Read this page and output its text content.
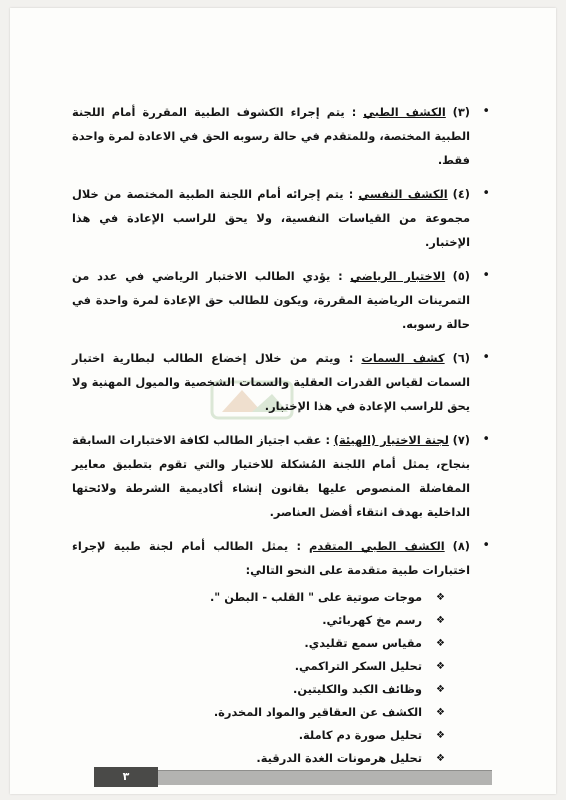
•
(٣) الكشف الطبي : يتم إجراء الكشوف الطبية المقررة أمام اللجنة الطبية المختصة، وللمتقدم في حالة رسوبه الحق في الاعادة لمرة واحدة فقط.
•
(٤) الكشف النفسي : يتم إجرائه أمام اللجنة الطبية المختصة من خلال مجموعة من القياسات النفسية، ولا يحق للراسب الإعادة في هذا الإختبار.
•
(٥) الاختبار الرياضي : يؤدي الطالب الاختبار الرياضي في عدد من التمرينات الرياضية المقررة، ويكون للطالب حق الإعادة لمرة واحدة في حالة رسوبه.
•
(٦) كشف السمات : ويتم من خلال إخضاع الطالب لبطارية اختبار السمات لقياس القدرات العقلية والسمات الشخصية والميول المهنية ولا يحق للراسب الإعادة في هذا الإختبار.
•
(٧) لجنة الاختيار (الهيئة) : عقب اجتياز الطالب لكافة الاختبارات السابقة بنجاح، يمثل أمام اللجنة المُشكلة للاختيار والتي تقوم بتطبيق معايير المفاضلة المنصوص عليها بقانون إنشاء أكاديمية الشرطة ولائحتها الداخلية بهدف انتقاء أفضل العناصر.
•
(٨) الكشف الطبي المتقدم : يمثل الطالب أمام لجنة طبية لإجراء اختبارات طبية متقدمة على النحو التالي:
❖
موجات صوتية على " القلب - البطن ".
❖
رسم مخ كهربائي.
❖
مقياس سمع تقليدي.
❖
تحليل السكر التراكمي.
❖
وظائف الكبد والكليتين.
❖
الكشف عن العقاقير والمواد المخدرة.
❖
تحليل صورة دم كاملة.
❖
تحليل هرمونات الغدة الدرقية.
٣
